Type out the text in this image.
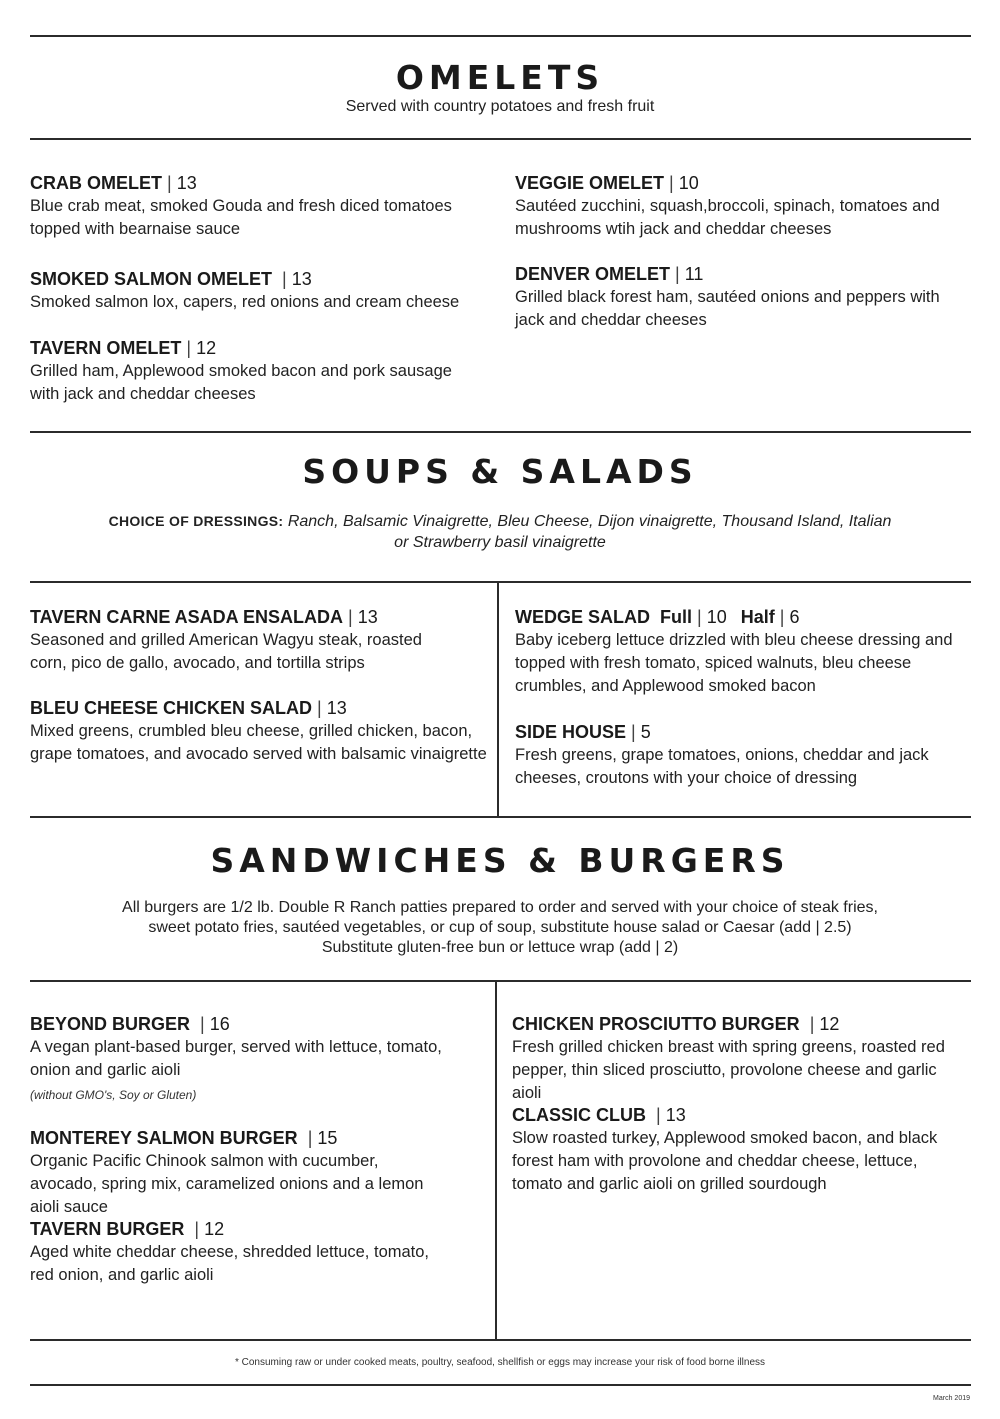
OMELETS
Served with country potatoes and fresh fruit
CRAB OMELET | 13
Blue crab meat, smoked Gouda and fresh diced tomatoes topped with bearnaise sauce
SMOKED SALMON OMELET | 13
Smoked salmon lox, capers, red onions and cream cheese
TAVERN OMELET | 12
Grilled ham, Applewood smoked bacon and pork sausage with jack and cheddar cheeses
VEGGIE OMELET | 10
Sautéed zucchini, squash,broccoli, spinach, tomatoes and mushrooms wtih jack and cheddar cheeses
DENVER OMELET | 11
Grilled black forest ham, sautéed onions and peppers with jack and cheddar cheeses
SOUPS & SALADS
CHOICE OF DRESSINGS: Ranch, Balsamic Vinaigrette, Bleu Cheese, Dijon vinaigrette, Thousand Island, Italian
or Strawberry basil vinaigrette
TAVERN CARNE ASADA ENSALADA | 13
Seasoned and grilled American Wagyu steak, roasted corn, pico de gallo, avocado, and tortilla strips
BLEU CHEESE CHICKEN SALAD | 13
Mixed greens, crumbled bleu cheese, grilled chicken, bacon, grape tomatoes, and avocado served with balsamic vinaigrette
WEDGE SALAD Full | 10 Half | 6
Baby iceberg lettuce drizzled with bleu cheese dressing and topped with fresh tomato, spiced walnuts, bleu cheese crumbles, and Applewood smoked bacon
SIDE HOUSE | 5
Fresh greens, grape tomatoes, onions, cheddar and jack cheeses, croutons with your choice of dressing
SANDWICHES & BURGERS
All burgers are 1/2 lb. Double R Ranch patties prepared to order and served with your choice of steak fries,
sweet potato fries, sautéed vegetables, or cup of soup, substitute house salad or Caesar (add | 2.5)
Substitute gluten-free bun or lettuce wrap (add | 2)
BEYOND BURGER | 16
A vegan plant-based burger, served with lettuce, tomato, onion and garlic aioli
(without GMO's, Soy or Gluten)
MONTEREY SALMON BURGER | 15
Organic Pacific Chinook salmon with cucumber, avocado, spring mix, caramelized onions and a lemon aioli sauce
TAVERN BURGER | 12
Aged white cheddar cheese, shredded lettuce, tomato, red onion, and garlic aioli
CHICKEN PROSCIUTTO BURGER | 12
Fresh grilled chicken breast with spring greens, roasted red pepper, thin sliced prosciutto, provolone cheese and garlic aioli
CLASSIC CLUB | 13
Slow roasted turkey, Applewood smoked bacon, and black forest ham with provolone and cheddar cheese, lettuce, tomato and garlic aioli on grilled sourdough
* Consuming raw or under cooked meats, poultry, seafood, shellfish or eggs may increase your risk of food borne illness
March 2019
